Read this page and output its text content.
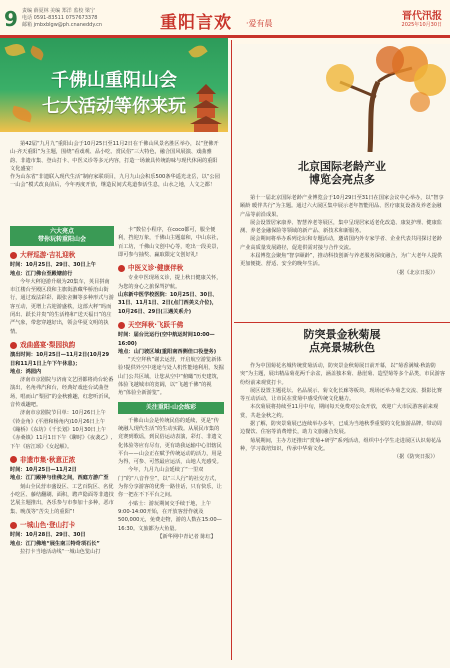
9 责编 薛夏林 美编 郑洋 监校 梁宁
电话 0591-83511 0757673378
邮箱 jmbxblgw@ph.cnaneddy.cn	重阳言欢 ·爱有晨
晋代汛报
2025年10月30日
千佛山重阳山会
七大活动等你来玩
第42届“九月九”重阳山会于10月25日至11月2日在千佛山风景名胜区举办，以“登佛开山·齐天重阳”为主题，围绕“看戏观、品小吃、赏民俗”三大特色，融合国风展演、戏曲雅韵、非遗市集、登山打卡、中医义诊等多元内容，打造一场兼具传统韵味与现代休闲的重阳文化盛宴！
作为山东省“非遗联入现代生活”制府家联项目，九月九山会积乐500条华遥光北岳，以“公园一山会”模式改良前后，今年再度开放，继造民间式兆道参活生息，山水之地，人文之都！
六大亮点
带你玩转重阳山会
大秤巡游·吉礼迎秋

时间：10月25日、29日、30日上午

地点：江门佛台至殿塘前行

今年大秤迎游升级为20集车，英目拼南市江楼台至殿区段和主旗街游藏华桥治山街行，通过戏法彩彩、跟张舍狮等多种形式与游客互动，更增上古迎游盛秩，这部大秤“吗而闭出、跃长并贵”的生活格和“送天福日”的庄严气象，带您穿越好出，领会华夏文明的执情。

戏曲盛宴·梨园执韵

演出时间：10月25日—11月2日(10月29日和11月1日上午下午休息)；

地点：鸿园内

济南市京剧院与济南文艺团都将尚台轮番演出，名角弗汽和台，经典好戏连台试曲登场，唱而山“梨园”的金秋雅趣，红您听沂风，音传戏趣吧。

济南市京剧院节目单：10月26日上午《铃金角》(平滑和杨角内)10月26日上午《蹦桥》《东坊》《千长划》10月30日上午《赤桑镇》11月1日下午《聊时》《夜袭乙》,下午《宿江颂》《女起解》。

非遗市集·秋意正浓

时间：10月25日—11月2日

地点：江门殿神与佳佛之间，西庭方游广至

刻山全民营市盛设区、工艺百院区、名优小吃区、藤结翻刷、面积，聘声隐面等非遗技艺展主题推出，各乐参与市参加十多种，恶市集、晚茂等“苦尖上的重阳”!

一城山色·登山打卡

时间：10月28日、29日、30日

地点：江门佛地“展生南三特奇项石长”

拉打卡当地活动线“一城山色览山打

卡”数位小程序，在coco都可，服全便利，挡迎万象，千佛山主题嘉和，中山东社，百工坊，千佛山文创中心等，吃出一段美景，即可参与抽奖、赢取限定文创好礼!

中医义诊·健康伴秋

专业中医现场义诊，提上秋日健康关怀，为您的身心之旅保驾护航。

山东新中医学校医院：10月25日、30日、31日、11月1日、2日(点门西美义介位)，10月26日、29日(三遇关系介)

天空拜秋·飞跃千佛

时间：届台比运行(空中航运时间10:00—16:00)
地点：山门坡区域(重阳南西侧佳口役登务)

“天空拜秋”谢去运营，开启航空游览新体验!提供外空中迷途与处人机性能地利用，发掘山门公共区域，让您从空中“俯瞰”历史建筑，体验飞越城市的宽阔，以“飞越千佛”的视角“体验全新游览”。

关注重阳·山会练彩

千佛山山会是传统民俗的延续，更是“传统融人现代生活”的生动实践。从展民市集的竞赛到歌谣，到民俗运动表演，彩灯、非遗文化体验等应有尽有，更有助我运输中心旧辖民平台——山会正在赋予传统运动的活力，用是为得，可参、可然最应运活，山地人光感受。

今年，九月九山会延续了“一里双门”的“八音作尘”，以“三人行”的社交方式，为你分享游客的优秀一路佳话，只有快乐，让你一把在不下平台之间。

小贴士：游玩期间交手续于地，上午9:00-14:00开始，在开放客营作就及500,000元，免费走物，游的人数在15:00—16:30。文旅都为大鱼量。

【新华网中青记者 陈红】

北京国际老龄产业
博览会亮点多

第十一届北京国际老龄产业博览会于10月29日至31日在国家会议中心举办，以“智享颐龄 暖伴共行”为主题。通过六大展区集中展示老年智能用品、医疗康复设备及养老金融产品等前沿成果。

展会设置居家康养、智慧养老等展区，集中呈现居家适老化改造、康复护理、健康监测、养老金融保险等领域的新产品、新技术和新服务。

展会期间将举办系列论坛和专题活动，邀请国内外专家学者、企业代表共同探讨老龄产业高质量发展路径，促进供需对接与合作交流。

本届博览会聚焦“智享颐龄”，推动科技创新与养老服务深度融合，为广大老年人提供更加便捷、舒适、安全的晚年生活。

（据《北京日报》）

防突景金秋菊展
点亮景城秋色

作为中国菊花名城传统赏菊活动，防突景金秋菊展日前开幕，以“菊香满城·秋韵防突”为主题，展出精品菊花两千余盆，涵盖独本菊、悬崖菊、造型菊等多个品类，市民游客纷纷前来观赏打卡。

展区设置主题花坛、名品展示、菊文化长廊等板块，现场还举办菊艺交流、摄影比赛等互动活动，让市民在赏菊中感受传统文化魅力。

本次菊展将持续至11月中旬，期间每天免费对公众开放，欢迎广大市民游客前来观赏，共赴金秋之约。

据了解，防突景菊展已连续举办多年，已成为当地秋季重要的文化旅游品牌，带动周边餐饮、住宿等消费增长，助力文旅融合发展。

菊展期间，主办方还推出“赏菊+研学”系列活动，组织中小学生走进展区认识菊花品种，学习栽培知识，传承中华菊文化。

（据《防突日报》）
